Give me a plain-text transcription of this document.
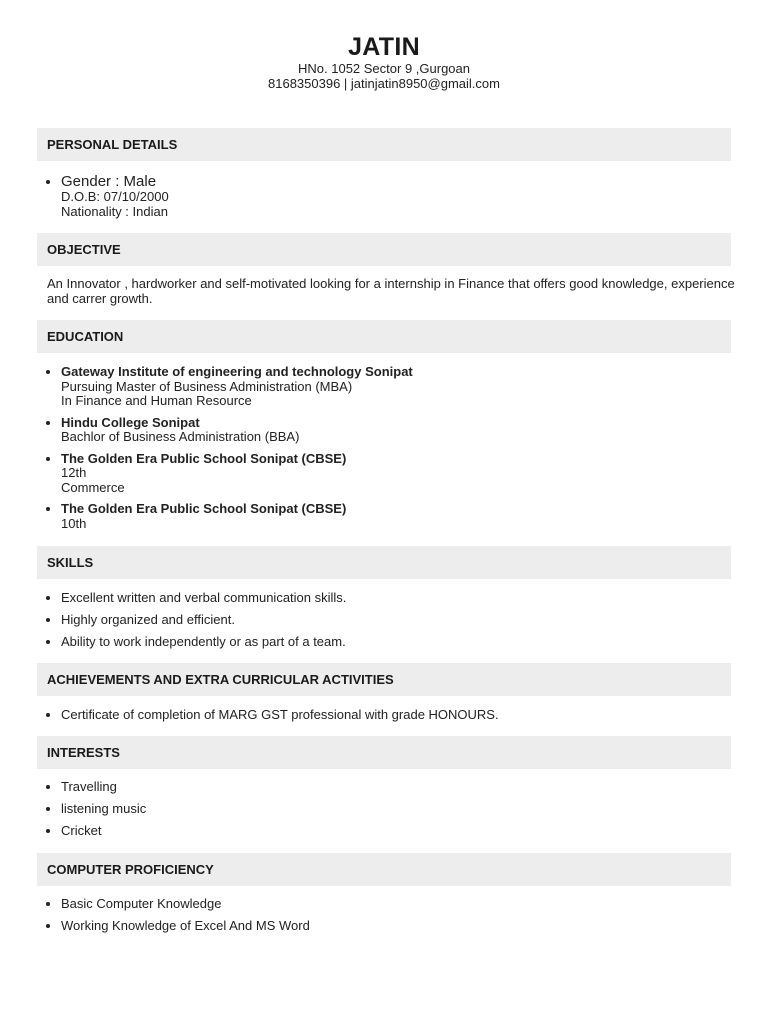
JATIN
HNo. 1052 Sector 9 ,Gurgoan
8168350396 | jatinjatin8950@gmail.com
PERSONAL DETAILS
• Gender : Male
D.O.B: 07/10/2000
Nationality : Indian
OBJECTIVE
An Innovator , hardworker and self-motivated looking for a internship in Finance that offers good knowledge, experience and carrer growth.
EDUCATION
• Gateway Institute of engineering and technology Sonipat
Pursuing Master of Business Administration (MBA)
In Finance and Human Resource
• Hindu College Sonipat
Bachlor of Business Administration (BBA)
• The Golden Era Public School Sonipat (CBSE)
12th
Commerce
• The Golden Era Public School Sonipat (CBSE)
10th
SKILLS
• Excellent written and verbal communication skills.
• Highly organized and efficient.
• Ability to work independently or as part of a team.
ACHIEVEMENTS AND EXTRA CURRICULAR ACTIVITIES
• Certificate of completion of MARG GST professional with grade HONOURS.
INTERESTS
• Travelling
• listening music
• Cricket
COMPUTER PROFICIENCY
• Basic Computer Knowledge
• Working Knowledge of Excel And MS Word
